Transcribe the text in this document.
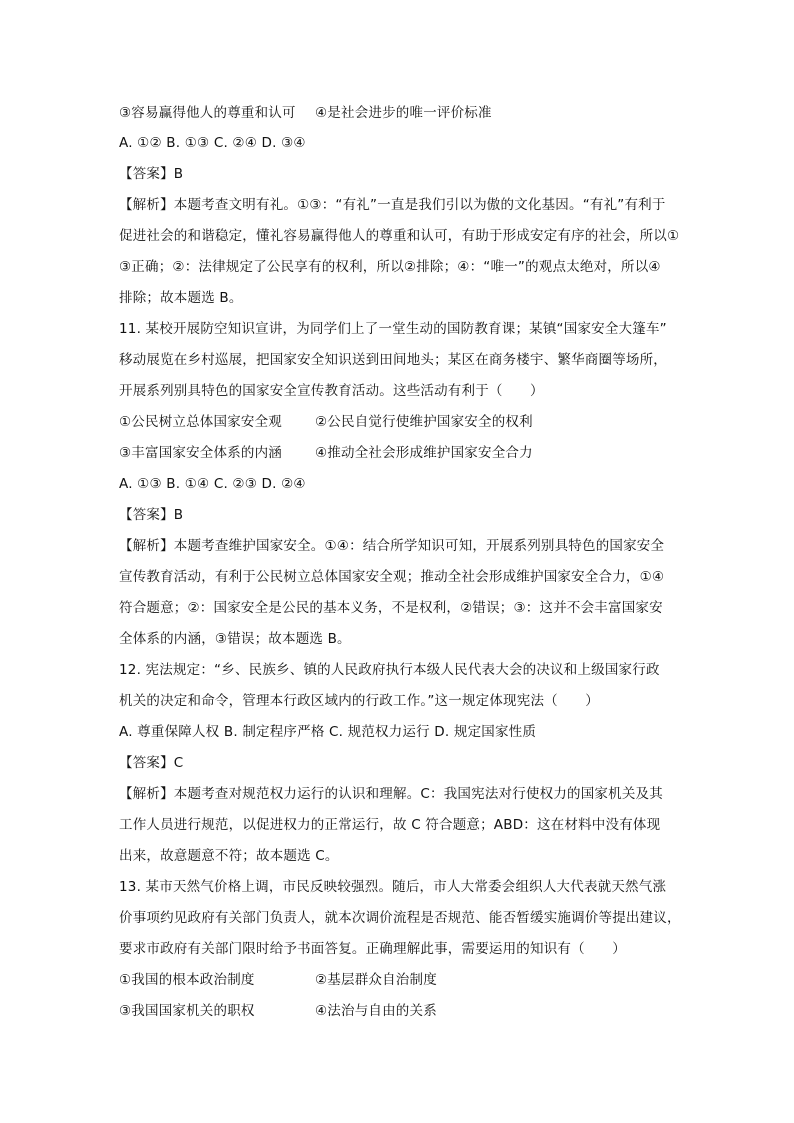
③容易赢得他人的尊重和认可 ④是社会进步的唯一评价标准
A. ①② B. ①③ C. ②④ D. ③④
【答案】B
【解析】本题考查文明有礼。①③：“有礼”一直是我们引以为傲的文化基因。“有礼”有利于
促进社会的和谐稳定，懂礼容易赢得他人的尊重和认可，有助于形成安定有序的社会，所以①
③正确；②：法律规定了公民享有的权利，所以②排除；④：“唯一”的观点太绝对，所以④
排除；故本题选 B。
11. 某校开展防空知识宣讲，为同学们上了一堂生动的国防教育课；某镇“国家安全大篷车”
移动展览在乡村巡展，把国家安全知识送到田间地头；某区在商务楼宇、繁华商圈等场所，
开展系列别具特色的国家安全宣传教育活动。这些活动有利于（　　）
①公民树立总体国家安全观 ②公民自觉行使维护国家安全的权利
③丰富国家安全体系的内涵 ④推动全社会形成维护国家安全合力
A. ①③ B. ①④ C. ②③ D. ②④
【答案】B
【解析】本题考查维护国家安全。①④：结合所学知识可知，开展系列别具特色的国家安全
宣传教育活动，有利于公民树立总体国家安全观；推动全社会形成维护国家安全合力，①④
符合题意；②：国家安全是公民的基本义务，不是权利，②错误；③：这并不会丰富国家安
全体系的内涵，③错误；故本题选 B。
12. 宪法规定：“乡、民族乡、镇的人民政府执行本级人民代表大会的决议和上级国家行政
机关的决定和命令，管理本行政区域内的行政工作。”这一规定体现宪法（　　）
A. 尊重保障人权 B. 制定程序严格 C. 规范权力运行 D. 规定国家性质
【答案】C
【解析】本题考查对规范权力运行的认识和理解。C：我国宪法对行使权力的国家机关及其
工作人员进行规范，以促进权力的正常运行，故 C 符合题意；ABD：这在材料中没有体现
出来，故意题意不符；故本题选 C。
13. 某市天然气价格上调，市民反映较强烈。随后，市人大常委会组织人大代表就天然气涨
价事项约见政府有关部门负责人，就本次调价流程是否规范、能否暂缓实施调价等提出建议，
要求市政府有关部门限时给予书面答复。正确理解此事，需要运用的知识有（　　）
①我国的根本政治制度	②基层群众自治制度
③我国国家机关的职权	④法治与自由的关系
